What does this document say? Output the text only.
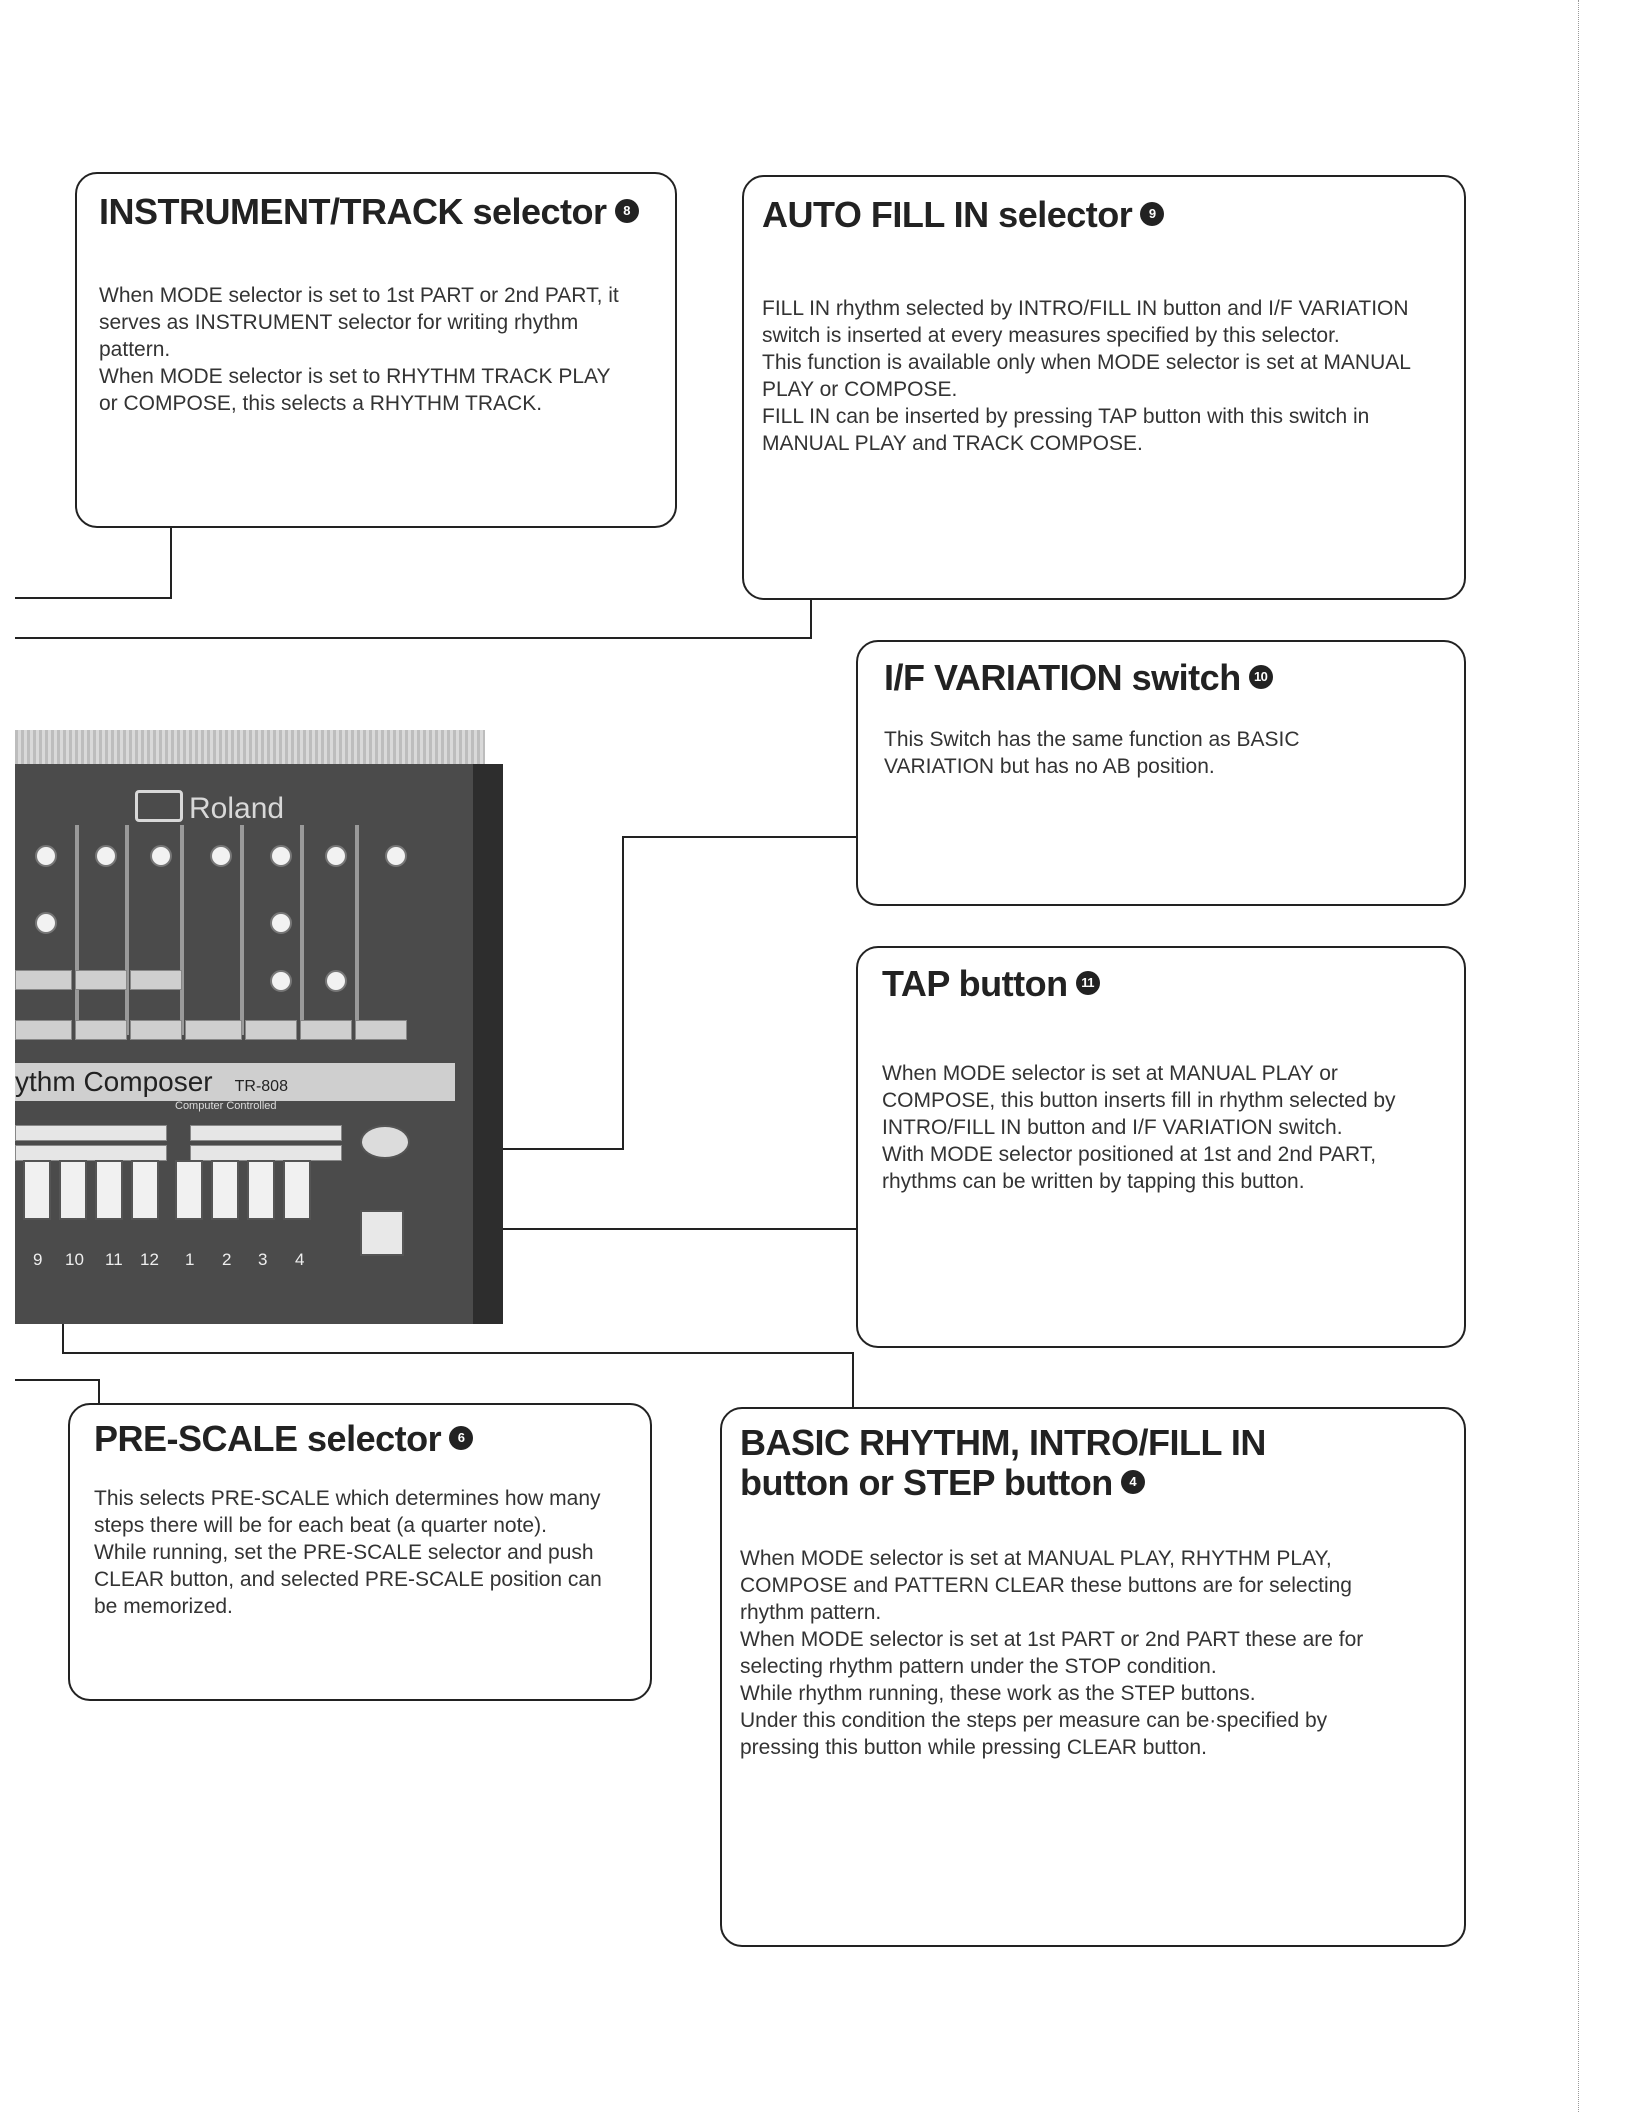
INSTRUMENT/TRACK selector 8

When MODE selector is set to 1st PART or 2nd PART, it serves as INSTRUMENT selector for writing rhythm pattern.
When MODE selector is set to RHYTHM TRACK PLAY or COMPOSE, this selects a RHYTHM TRACK.

AUTO FILL IN selector 9

FILL IN rhythm selected by INTRO/FILL IN button and I/F VARIATION switch is inserted at every measures specified by this selector.
This function is available only when MODE selector is set at MANUAL PLAY or COMPOSE.
FILL IN can be inserted by pressing TAP button with this switch in MANUAL PLAY and TRACK COMPOSE.

I/F VARIATION switch 10

This Switch has the same function as BASIC VARIATION but has no AB position.

TAP button 11

When MODE selector is set at MANUAL PLAY or COMPOSE, this button inserts fill in rhythm selected by INTRO/FILL IN button and I/F VARIATION switch.
With MODE selector positioned at 1st and 2nd PART, rhythms can be written by tapping this button.

PRE-SCALE selector 6

This selects PRE-SCALE which determines how many steps there will be for each beat (a quarter note).
While running, set the PRE-SCALE selector and push CLEAR button, and selected PRE-SCALE position can be memorized.

BASIC RHYTHM, INTRO/FILL IN
button or STEP button 4

When MODE selector is set at MANUAL PLAY, RHYTHM PLAY, COMPOSE and PATTERN CLEAR these buttons are for selecting rhythm pattern.
When MODE selector is set at 1st PART or 2nd PART these are for selecting rhythm pattern under the STOP condition.
While rhythm running, these work as the STEP buttons.
Under this condition the steps per measure can be·specified by pressing this button while pressing CLEAR button.

Roland
ythm Composer TR-808
Computer Controlled
9 10 11 12 1 2 3 4
